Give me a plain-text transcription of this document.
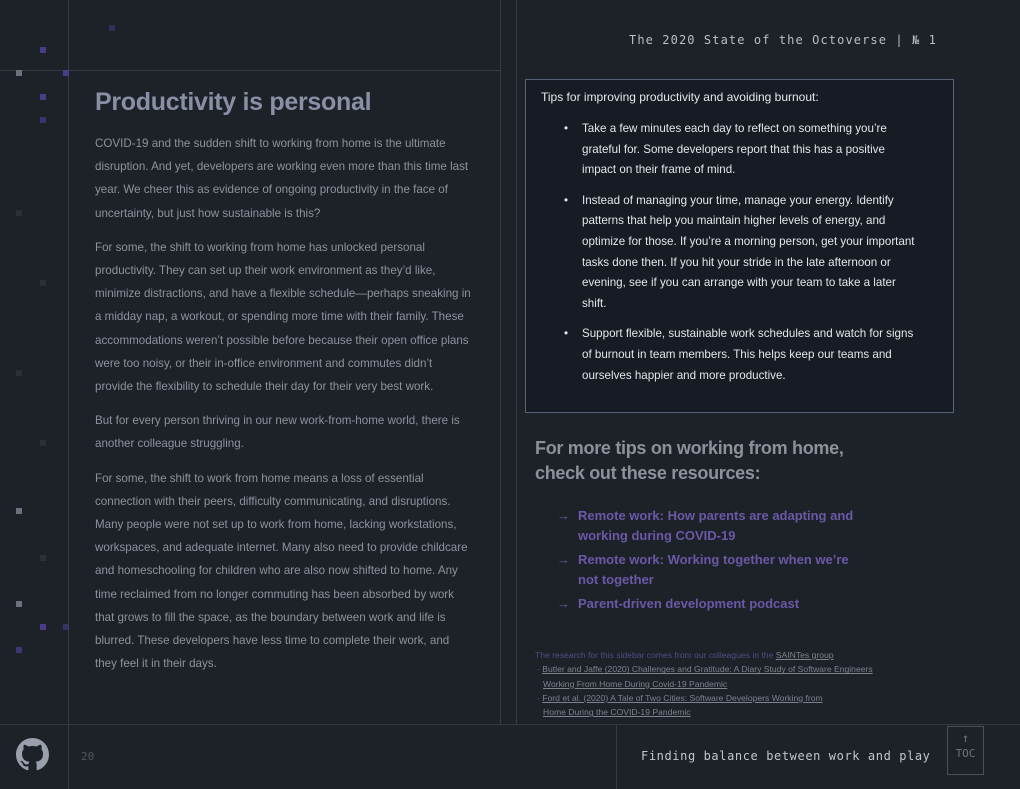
The 2020 State of the Octoverse | № 1
Productivity is personal

COVID-19 and the sudden shift to working from home is the ultimate disruption. And yet, developers are working even more than this time last year. We cheer this as evidence of ongoing productivity in the face of uncertainty, but just how sustainable is this?

For some, the shift to working from home has unlocked personal productivity. They can set up their work environment as they’d like, minimize distractions, and have a flexible schedule—perhaps sneaking in a midday nap, a workout, or spending more time with their family. These accommodations weren’t possible before because their open office plans were too noisy, or their in-office environment and commutes didn’t provide the flexibility to schedule their day for their very best work.

But for every person thriving in our new work-from-home world, there is another colleague struggling.

For some, the shift to work from home means a loss of essential connection with their peers, difficulty communicating, and disruptions. Many people were not set up to work from home, lacking workstations, workspaces, and adequate internet. Many also need to provide childcare and homeschooling for children who are also now shifted to home. Any time reclaimed from no longer commuting has been absorbed by work that grows to fill the space, as the boundary between work and life is blurred. These developers have less time to complete their work, and they feel it in their days.

Tips for improving productivity and avoiding burnout:
• Take a few minutes each day to reflect on something you’re grateful for. Some developers report that this has a positive impact on their frame of mind.
• Instead of managing your time, manage your energy. Identify patterns that help you maintain higher levels of energy, and optimize for those. If you’re a morning person, get your important tasks done then. If you hit your stride in the late afternoon or evening, see if you can arrange with your team to take a later shift.
• Support flexible, sustainable work schedules and watch for signs of burnout in team members. This helps keep our teams and ourselves happier and more productive.
For more tips on working from home, check out these resources:
→ Remote work: How parents are adapting and working during COVID-19
→ Remote work: Working together when we’re not together
→ Parent-driven development podcast
The research for this sidebar comes from our colleagues in the SAINTes group
- Butler and Jaffe (2020) Challenges and Gratitude: A Diary Study of Software Engineers
Working From Home During Covid-19 Pandemic
- Ford et al. (2020) A Tale of Two Cities: Software Developers Working from
Home During the COVID-19 Pandemic
20	Finding balance between work and play
↑
TOC
